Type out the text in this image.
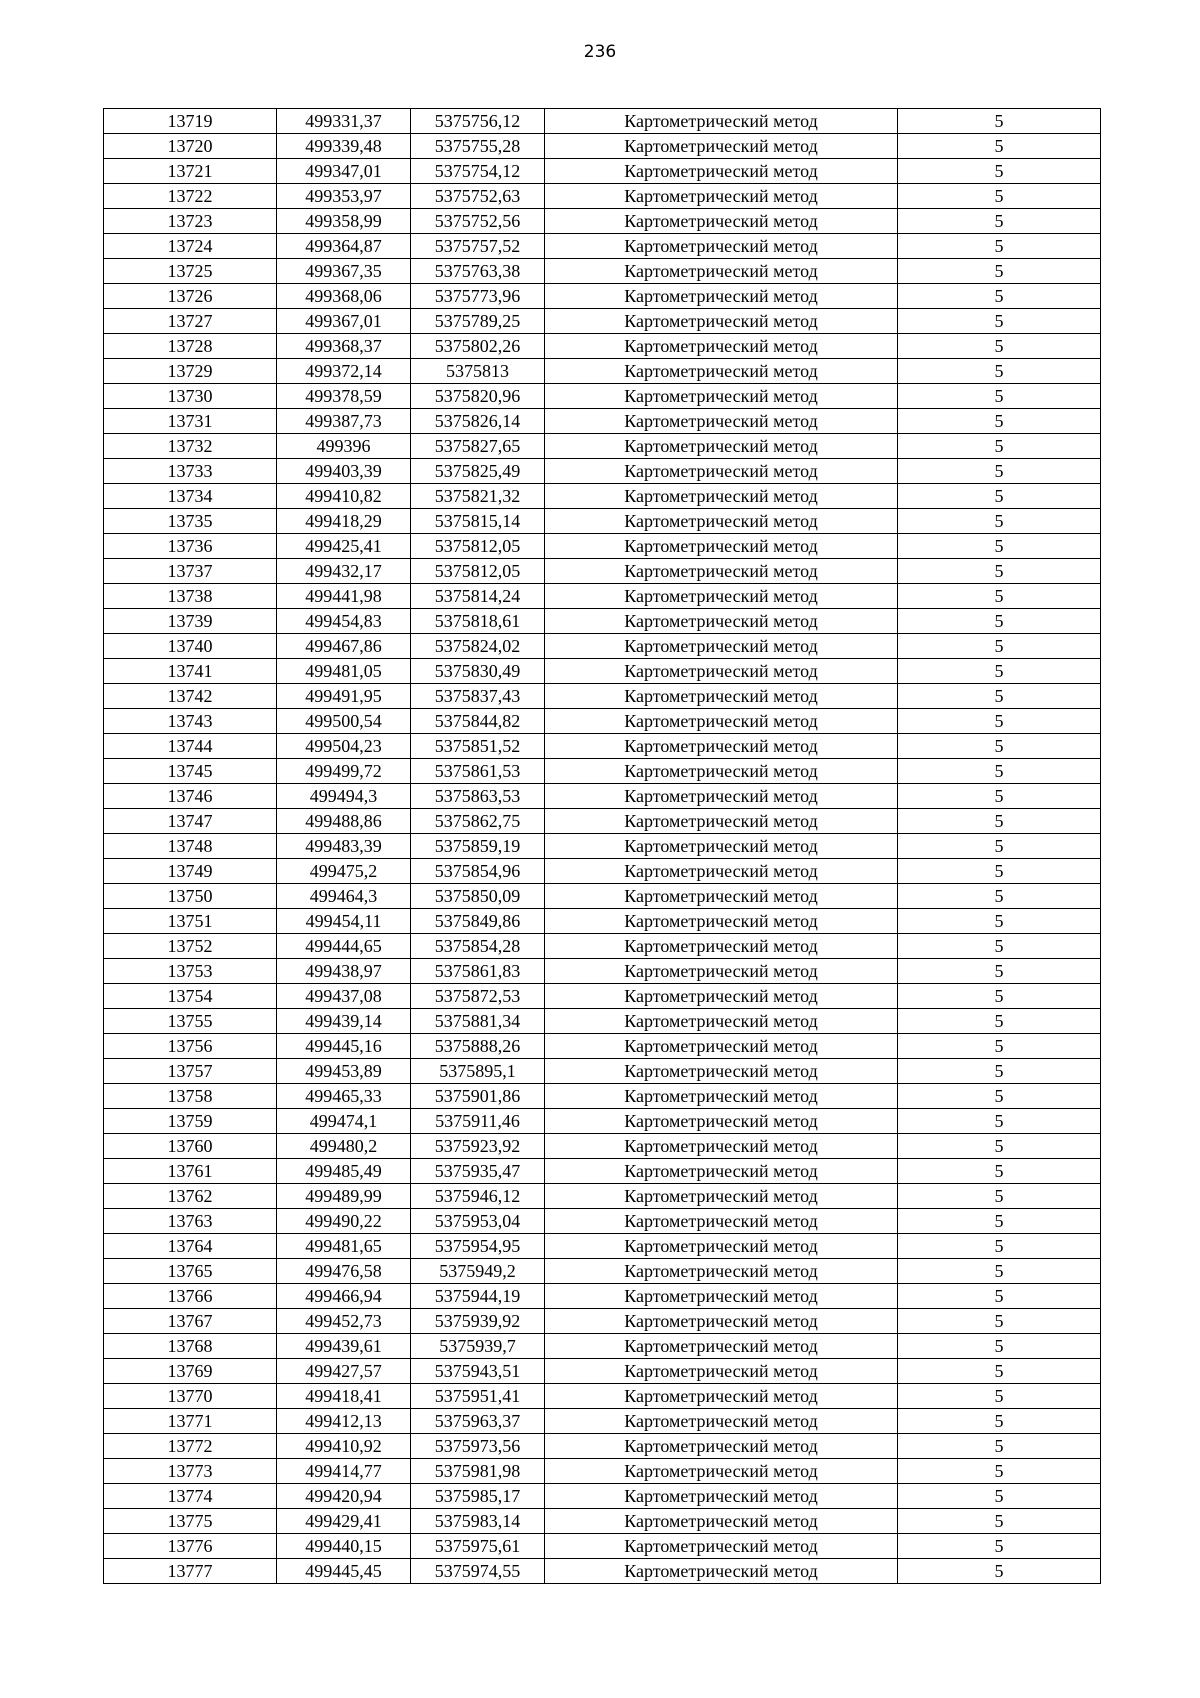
236
13719	499331,37	5375756,12	Картометрический метод	5
13720	499339,48	5375755,28	Картометрический метод	5
13721	499347,01	5375754,12	Картометрический метод	5
13722	499353,97	5375752,63	Картометрический метод	5
13723	499358,99	5375752,56	Картометрический метод	5
13724	499364,87	5375757,52	Картометрический метод	5
13725	499367,35	5375763,38	Картометрический метод	5
13726	499368,06	5375773,96	Картометрический метод	5
13727	499367,01	5375789,25	Картометрический метод	5
13728	499368,37	5375802,26	Картометрический метод	5
13729	499372,14	5375813	Картометрический метод	5
13730	499378,59	5375820,96	Картометрический метод	5
13731	499387,73	5375826,14	Картометрический метод	5
13732	499396	5375827,65	Картометрический метод	5
13733	499403,39	5375825,49	Картометрический метод	5
13734	499410,82	5375821,32	Картометрический метод	5
13735	499418,29	5375815,14	Картометрический метод	5
13736	499425,41	5375812,05	Картометрический метод	5
13737	499432,17	5375812,05	Картометрический метод	5
13738	499441,98	5375814,24	Картометрический метод	5
13739	499454,83	5375818,61	Картометрический метод	5
13740	499467,86	5375824,02	Картометрический метод	5
13741	499481,05	5375830,49	Картометрический метод	5
13742	499491,95	5375837,43	Картометрический метод	5
13743	499500,54	5375844,82	Картометрический метод	5
13744	499504,23	5375851,52	Картометрический метод	5
13745	499499,72	5375861,53	Картометрический метод	5
13746	499494,3	5375863,53	Картометрический метод	5
13747	499488,86	5375862,75	Картометрический метод	5
13748	499483,39	5375859,19	Картометрический метод	5
13749	499475,2	5375854,96	Картометрический метод	5
13750	499464,3	5375850,09	Картометрический метод	5
13751	499454,11	5375849,86	Картометрический метод	5
13752	499444,65	5375854,28	Картометрический метод	5
13753	499438,97	5375861,83	Картометрический метод	5
13754	499437,08	5375872,53	Картометрический метод	5
13755	499439,14	5375881,34	Картометрический метод	5
13756	499445,16	5375888,26	Картометрический метод	5
13757	499453,89	5375895,1	Картометрический метод	5
13758	499465,33	5375901,86	Картометрический метод	5
13759	499474,1	5375911,46	Картометрический метод	5
13760	499480,2	5375923,92	Картометрический метод	5
13761	499485,49	5375935,47	Картометрический метод	5
13762	499489,99	5375946,12	Картометрический метод	5
13763	499490,22	5375953,04	Картометрический метод	5
13764	499481,65	5375954,95	Картометрический метод	5
13765	499476,58	5375949,2	Картометрический метод	5
13766	499466,94	5375944,19	Картометрический метод	5
13767	499452,73	5375939,92	Картометрический метод	5
13768	499439,61	5375939,7	Картометрический метод	5
13769	499427,57	5375943,51	Картометрический метод	5
13770	499418,41	5375951,41	Картометрический метод	5
13771	499412,13	5375963,37	Картометрический метод	5
13772	499410,92	5375973,56	Картометрический метод	5
13773	499414,77	5375981,98	Картометрический метод	5
13774	499420,94	5375985,17	Картометрический метод	5
13775	499429,41	5375983,14	Картометрический метод	5
13776	499440,15	5375975,61	Картометрический метод	5
13777	499445,45	5375974,55	Картометрический метод	5
